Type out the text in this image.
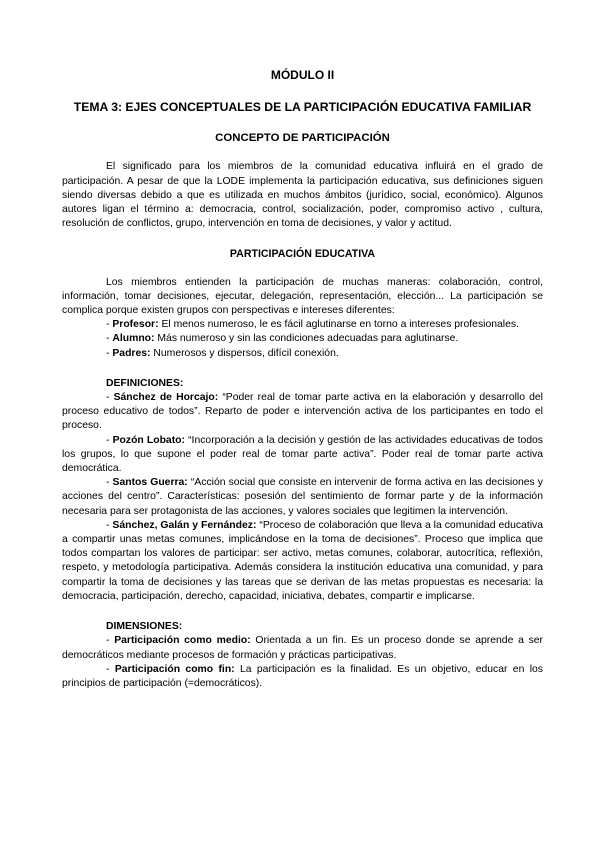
MÓDULO II
TEMA 3: EJES CONCEPTUALES DE LA PARTICIPACIÓN EDUCATIVA FAMILIAR
CONCEPTO DE PARTICIPACIÓN

El significado para los miembros de la comunidad educativa influirá en el grado de participación. A pesar de que la LODE implementa la participación educativa, sus definiciones siguen siendo diversas debido a que es utilizada en muchos ámbitos (jurídico, social, económico). Algunos autores ligan el término a: democracia, control, socialización, poder, compromiso activo , cultura, resolución de conflictos, grupo, intervención en toma de decisiones, y valor y actitud.

PARTICIPACIÓN EDUCATIVA

Los miembros entienden la participación de muchas maneras: colaboración, control, información, tomar decisiones, ejecutar, delegación, representación, elección... La participación se complica porque existen grupos con perspectivas e intereses diferentes:

- Profesor: El menos numeroso, le es fácil aglutinarse en torno a intereses profesionales.

- Alumno: Más numeroso y sin las condiciones adecuadas para aglutinarse.

- Padres: Numerosos y dispersos, difícil conexión.

DEFINICIONES:

- Sánchez de Horcajo: “Poder real de tomar parte activa en la elaboración y desarrollo del proceso educativo de todos”. Reparto de poder e intervención activa de los participantes en todo el proceso.

- Pozón Lobato: “Incorporación a la decisión y gestión de las actividades educativas de todos los grupos, lo que supone el poder real de tomar parte activa”. Poder real de tomar parte activa democrática.

- Santos Guerra: “Acción social que consiste en intervenir de forma activa en las decisiones y acciones del centro”. Características: posesión del sentimiento de formar parte y de la información necesaria para ser protagonista de las acciones, y valores sociales que legitimen la intervención.

- Sánchez, Galán y Fernández: “Proceso de colaboración que lleva a la comunidad educativa a compartir unas metas comunes, implicándose en la toma de decisiones”. Proceso que implica que todos compartan los valores de participar: ser activo, metas comunes, colaborar, autocrítica, reflexión, respeto, y metodología participativa. Además considera la institución educativa una comunidad, y para compartir la toma de decisiones y las tareas que se derivan de las metas propuestas es necesaria: la democracia, participación, derecho, capacidad, iniciativa, debates, compartir e implicarse.

DIMENSIONES:

- Participación como medio: Orientada a un fin. Es un proceso donde se aprende a ser democráticos mediante procesos de formación y prácticas participativas.

- Participación como fin: La participación es la finalidad. Es un objetivo, educar en los principios de participación (=democráticos).
